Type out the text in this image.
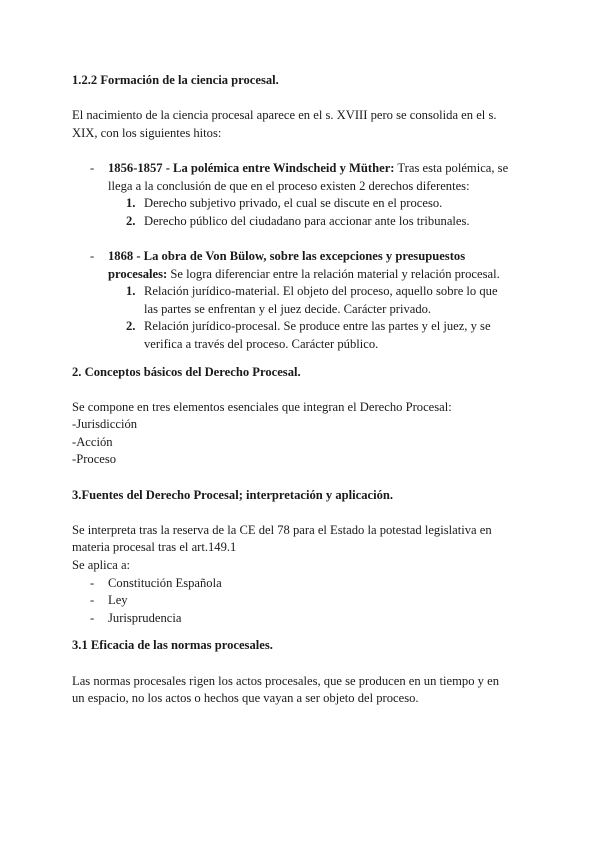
1.2.2 Formación de la ciencia procesal.

El nacimiento de la ciencia procesal aparece en el s. XVIII pero se consolida en el s.

XIX, con los siguientes hitos:

- 1856-1857 - La polémica entre Windscheid y Müther: Tras esta polémica, se
llega a la conclusión de que en el proceso existen 2 derechos diferentes:
1. Derecho subjetivo privado, el cual se discute en el proceso.
2. Derecho público del ciudadano para accionar ante los tribunales.
- 1868 - La obra de Von Bülow, sobre las excepciones y presupuestos
procesales: Se logra diferenciar entre la relación material y relación procesal.
1. Relación jurídico-material. El objeto del proceso, aquello sobre lo que
las partes se enfrentan y el juez decide. Carácter privado.
2. Relación jurídico-procesal. Se produce entre las partes y el juez, y se
verifica a través del proceso. Carácter público.

2. Conceptos básicos del Derecho Procesal.

Se compone en tres elementos esenciales que integran el Derecho Procesal:

-Jurisdicción

-Acción

-Proceso

3.Fuentes del Derecho Procesal; interpretación y aplicación.

Se interpreta tras la reserva de la CE del 78 para el Estado la potestad legislativa en

materia procesal tras el art.149.1

Se aplica a:

- Constitución Española
- Ley
- Jurisprudencia

3.1 Eficacia de las normas procesales.

Las normas procesales rigen los actos procesales, que se producen en un tiempo y en

un espacio, no los actos o hechos que vayan a ser objeto del proceso.
